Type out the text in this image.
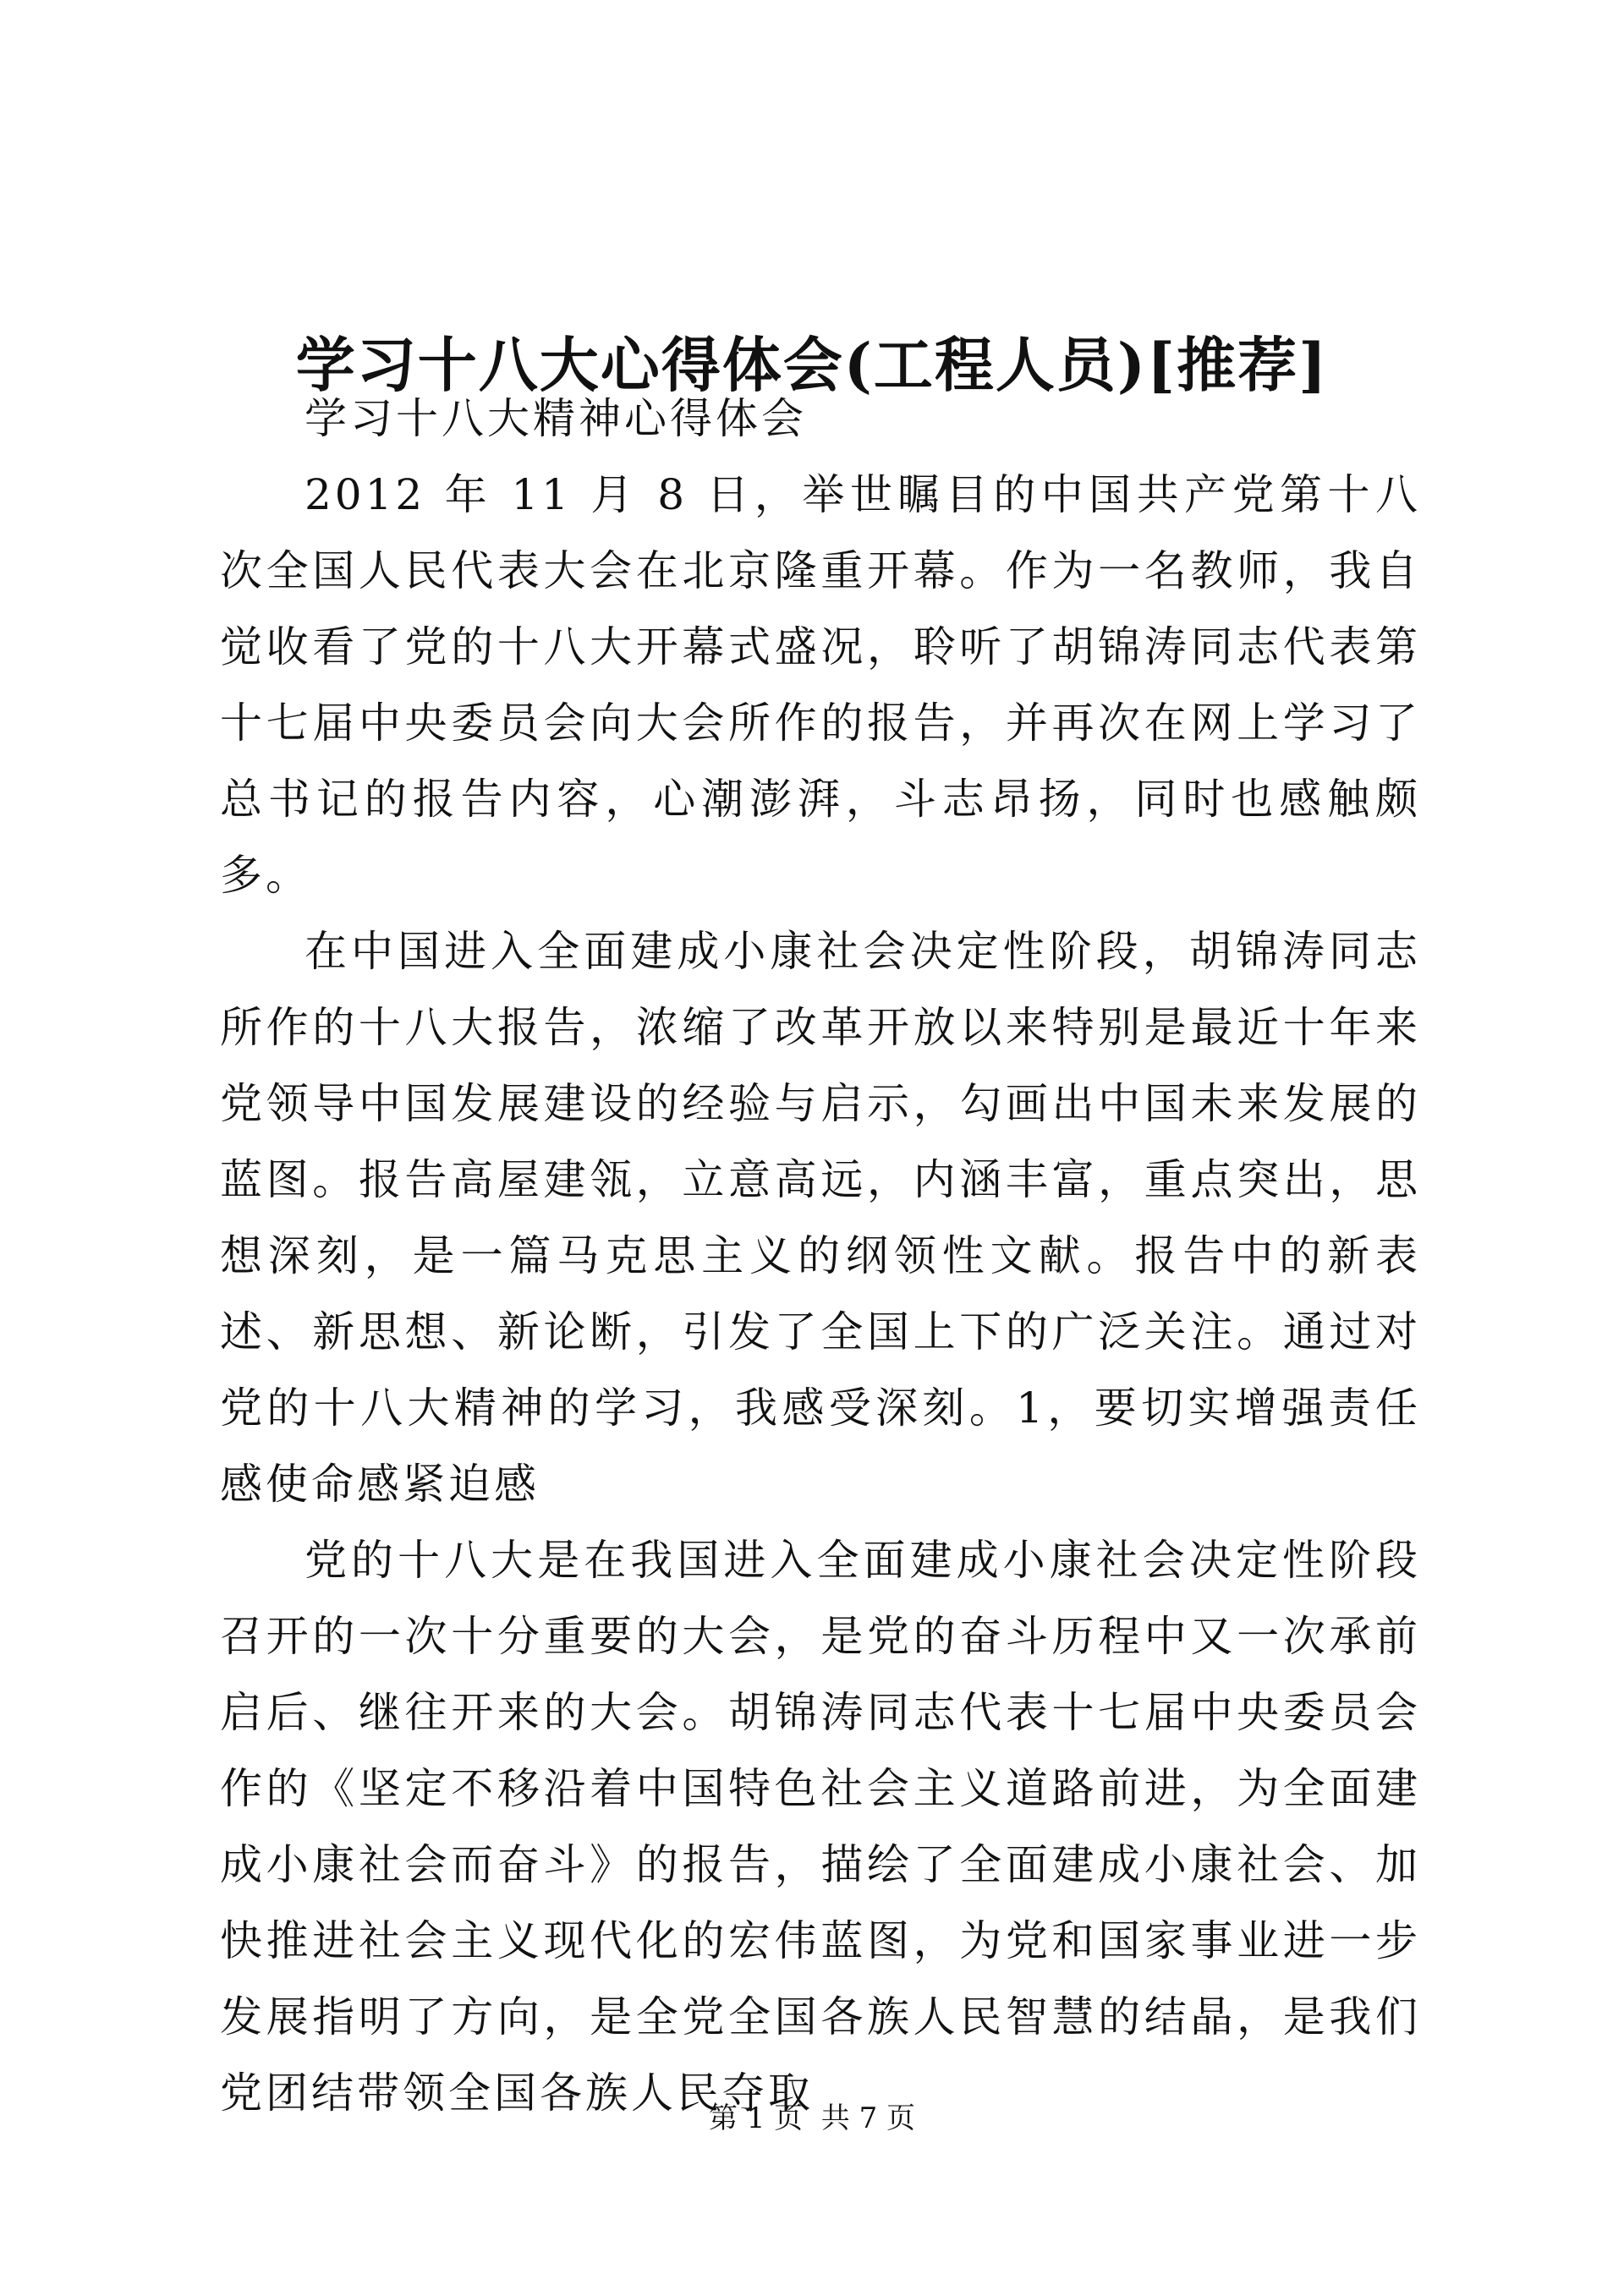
学习十八大心得体会(工程人员)[推荐]

学习十八大精神心得体会

2012 年 11 月 8 日，举世瞩目的中国共产党第十八次全国人民代表大会在北京隆重开幕。作为一名教师，我自觉收看了党的十八大开幕式盛况，聆听了胡锦涛同志代表第十七届中央委员会向大会所作的报告，并再次在网上学习了总书记的报告内容，心潮澎湃，斗志昂扬，同时也感触颇多。

在中国进入全面建成小康社会决定性阶段，胡锦涛同志所作的十八大报告，浓缩了改革开放以来特别是最近十年来党领导中国发展建设的经验与启示，勾画出中国未来发展的蓝图。报告高屋建瓴，立意高远，内涵丰富，重点突出，思想深刻，是一篇马克思主义的纲领性文献。报告中的新表述、新思想、新论断，引发了全国上下的广泛关注。通过对党的十八大精神的学习，我感受深刻。1，要切实增强责任感使命感紧迫感

党的十八大是在我国进入全面建成小康社会决定性阶段召开的一次十分重要的大会，是党的奋斗历程中又一次承前启后、继往开来的大会。胡锦涛同志代表十七届中央委员会作的《坚定不移沿着中国特色社会主义道路前进，为全面建成小康社会而奋斗》的报告，描绘了全面建成小康社会、加快推进社会主义现代化的宏伟蓝图，为党和国家事业进一步发展指明了方向，是全党全国各族人民智慧的结晶，是我们党团结带领全国各族人民夺取

第 1 页  共 7 页
